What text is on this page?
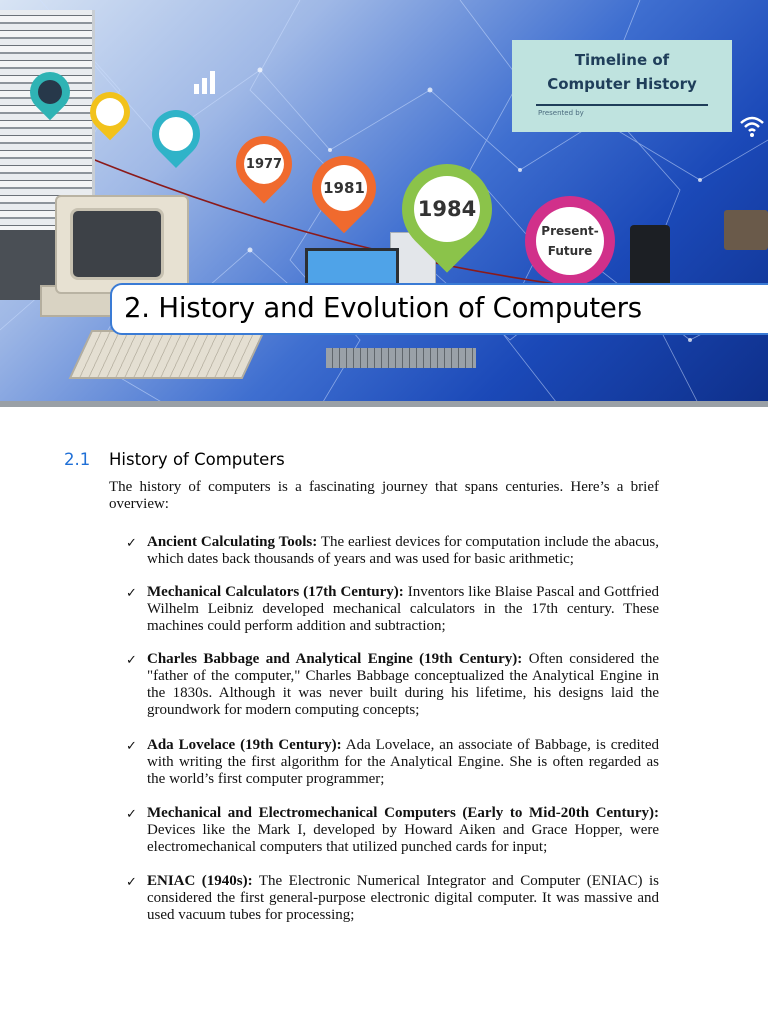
1977
1981
1984
Present-
Future
Timeline of
Computer History
Presented by
2. History and Evolution of Computers
2.1 History of Computers
The history of computers is a fascinating journey that spans centuries. Here’s a brief overview:
✓ Ancient Calculating Tools: The earliest devices for computation include the abacus, which dates back thousands of years and was used for basic arithmetic;
✓ Mechanical Calculators (17th Century): Inventors like Blaise Pascal and Gottfried Wilhelm Leibniz developed mechanical calculators in the 17th century. These machines could perform addition and subtraction;
✓ Charles Babbage and Analytical Engine (19th Century): Often considered the "father of the computer," Charles Babbage conceptualized the Analytical Engine in the 1830s. Although it was never built during his lifetime, his designs laid the groundwork for modern computing concepts;
✓ Ada Lovelace (19th Century): Ada Lovelace, an associate of Babbage, is credited with writing the first algorithm for the Analytical Engine. She is often regarded as the world’s first computer programmer;
✓ Mechanical and Electromechanical Computers (Early to Mid-20th Century): Devices like the Mark I, developed by Howard Aiken and Grace Hopper, were electromechanical computers that utilized punched cards for input;
✓ ENIAC (1940s): The Electronic Numerical Integrator and Computer (ENIAC) is considered the first general-purpose electronic digital computer. It was massive and used vacuum tubes for processing;
